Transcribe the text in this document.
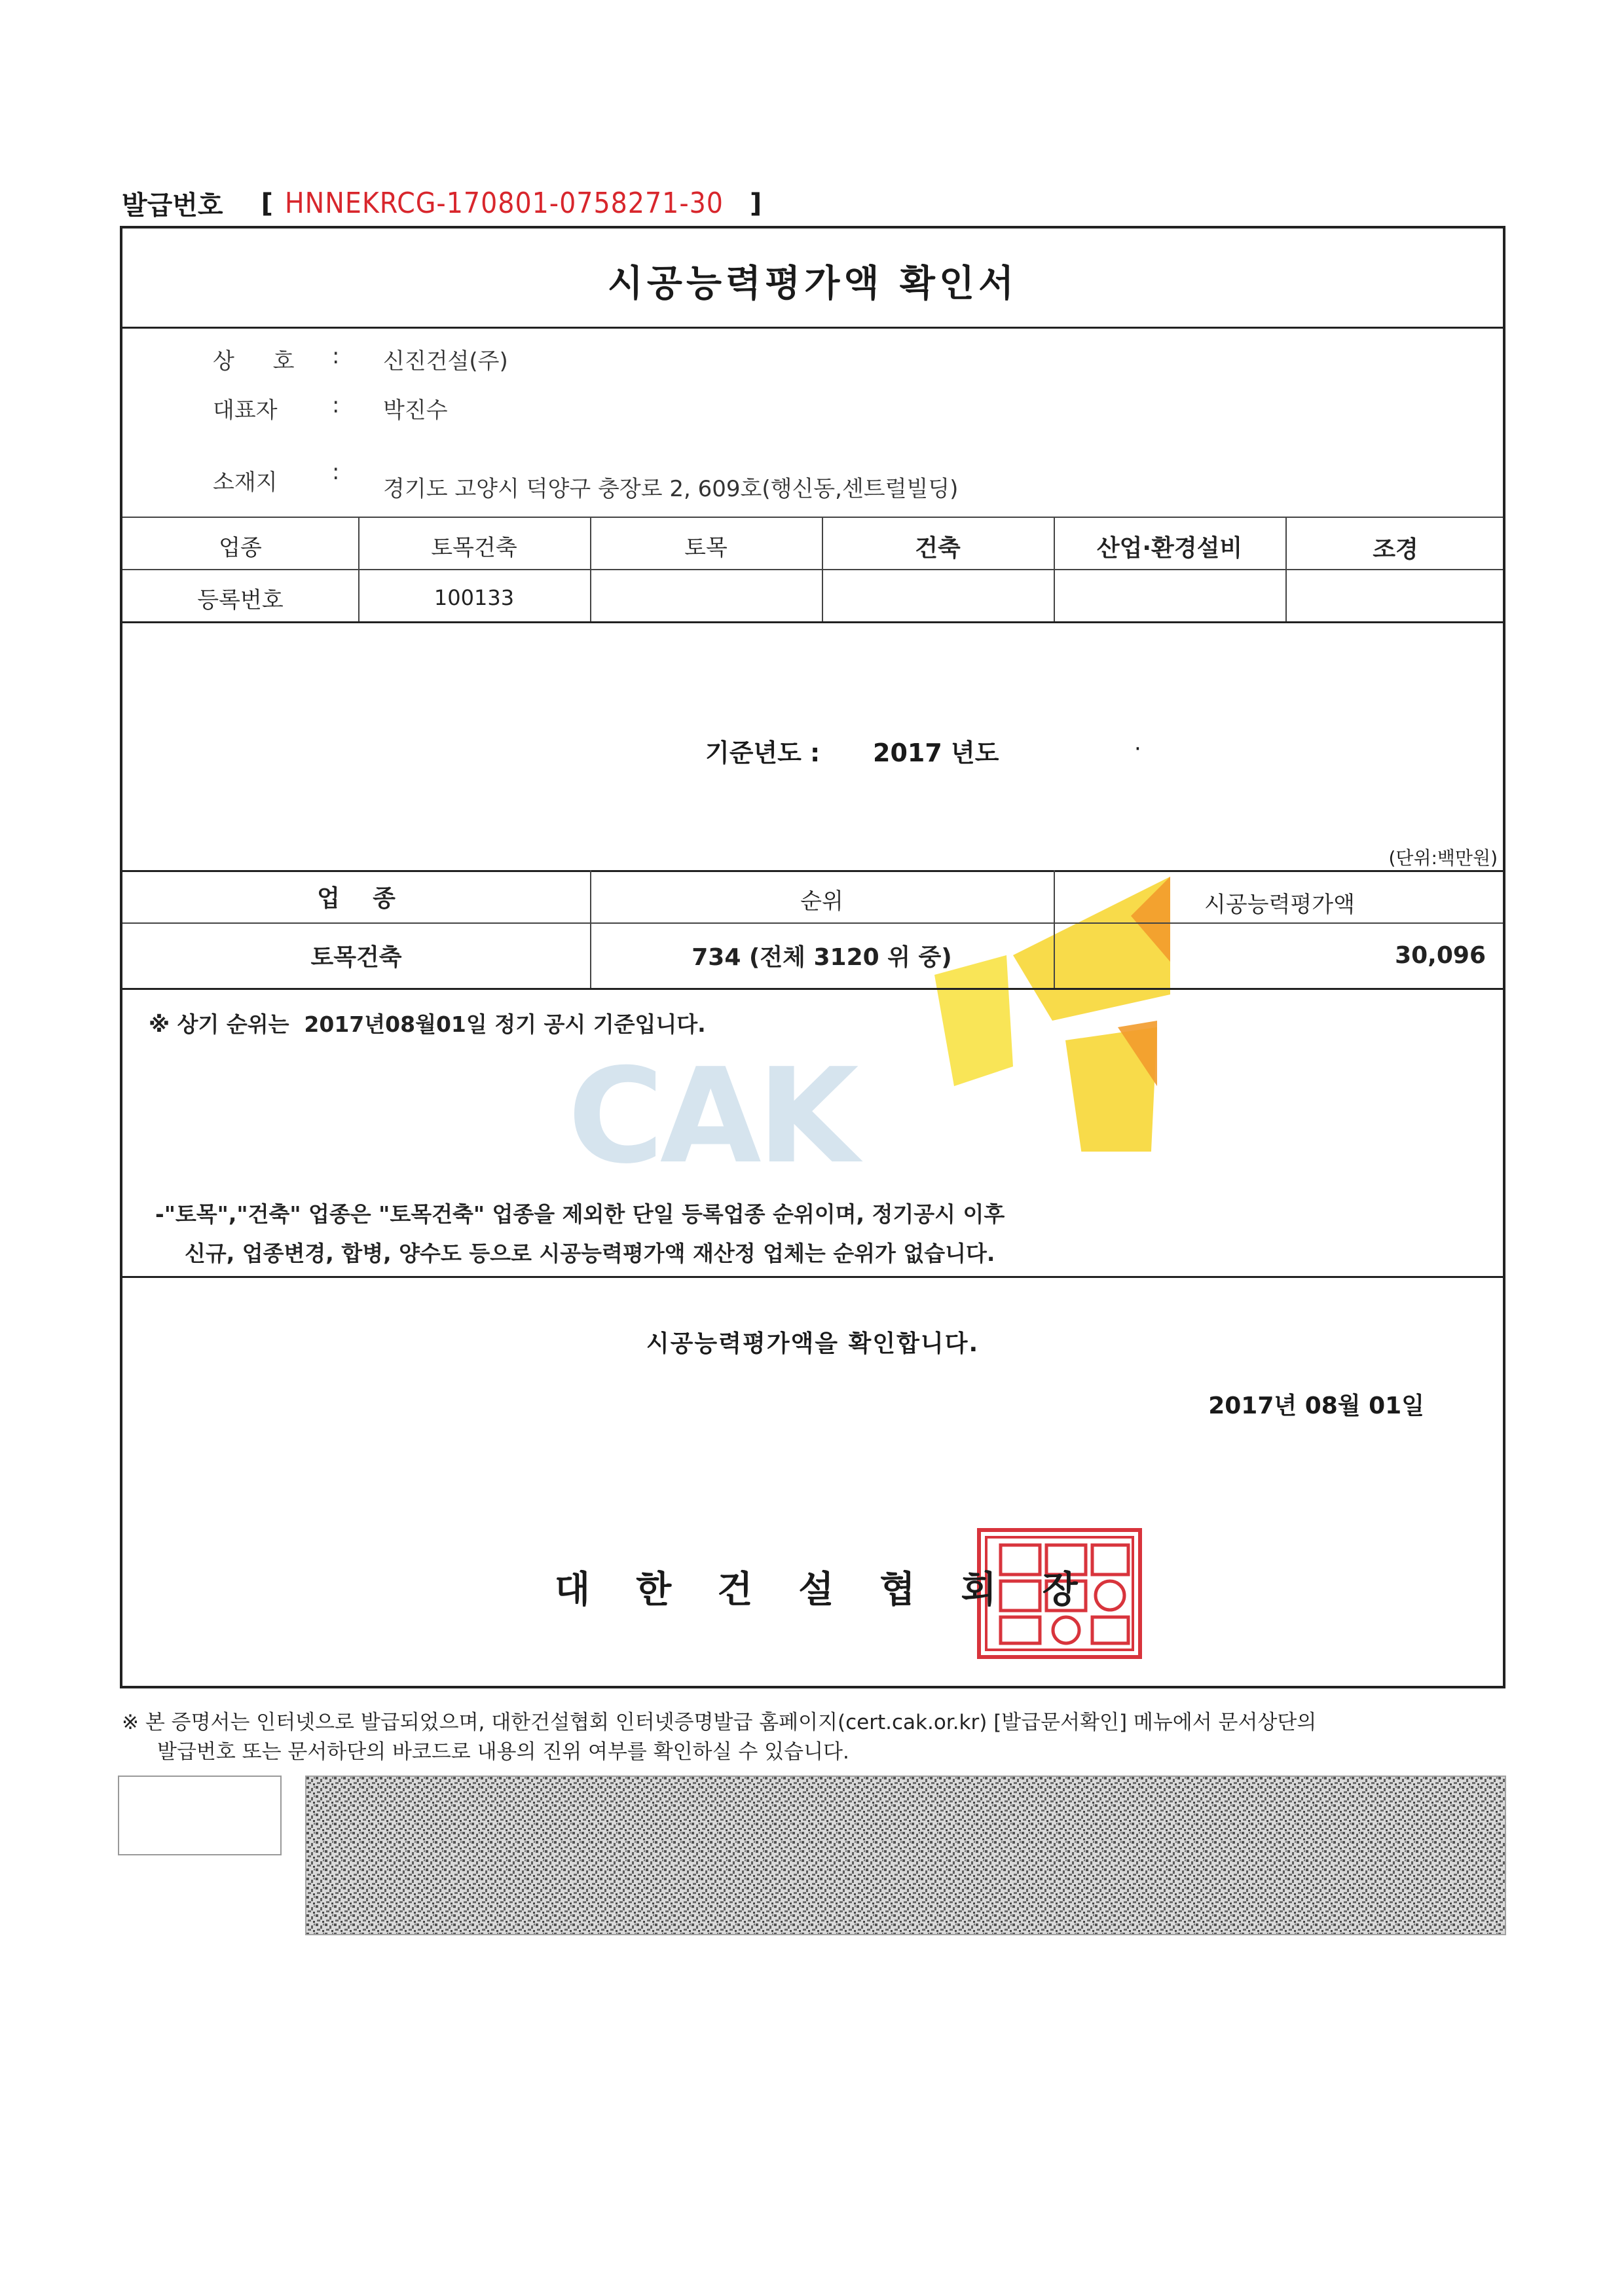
발급번호 [ HNNEKRCG-170801-0758271-30 ]
시공능력평가액 확인서
상 호 : 신진건설(주)
대표자 : 박진수
소재지 :
경기도 고양시 덕양구 충장로 2, 609호(행신동,센트럴빌딩)
업종	토목건축	토목	건축	산업·환경설비	조경
등록번호	100133
기준년도 : 2017 년도	·
(단위:백만원)
CAK
업    종	순위	시공능력평가액
토목건축	734 (전체 3120 위 중)	30,096
※ 상기 순위는  2017년08월01일 정기 공시 기준입니다.
-"토목","건축" 업종은 "토목건축" 업종을 제외한 단일 등록업종 순위이며, 정기공시 이후
신규, 업종변경, 합병, 양수도 등으로 시공능력평가액 재산정 업체는 순위가 없습니다.
시공능력평가액을 확인합니다.
2017년 08월 01일
대한건설협회장
※ 본 증명서는 인터넷으로 발급되었으며, 대한건설협회 인터넷증명발급 홈페이지(cert.cak.or.kr) [발급문서확인] 메뉴에서 문서상단의
발급번호 또는 문서하단의 바코드로 내용의 진위 여부를 확인하실 수 있습니다.
